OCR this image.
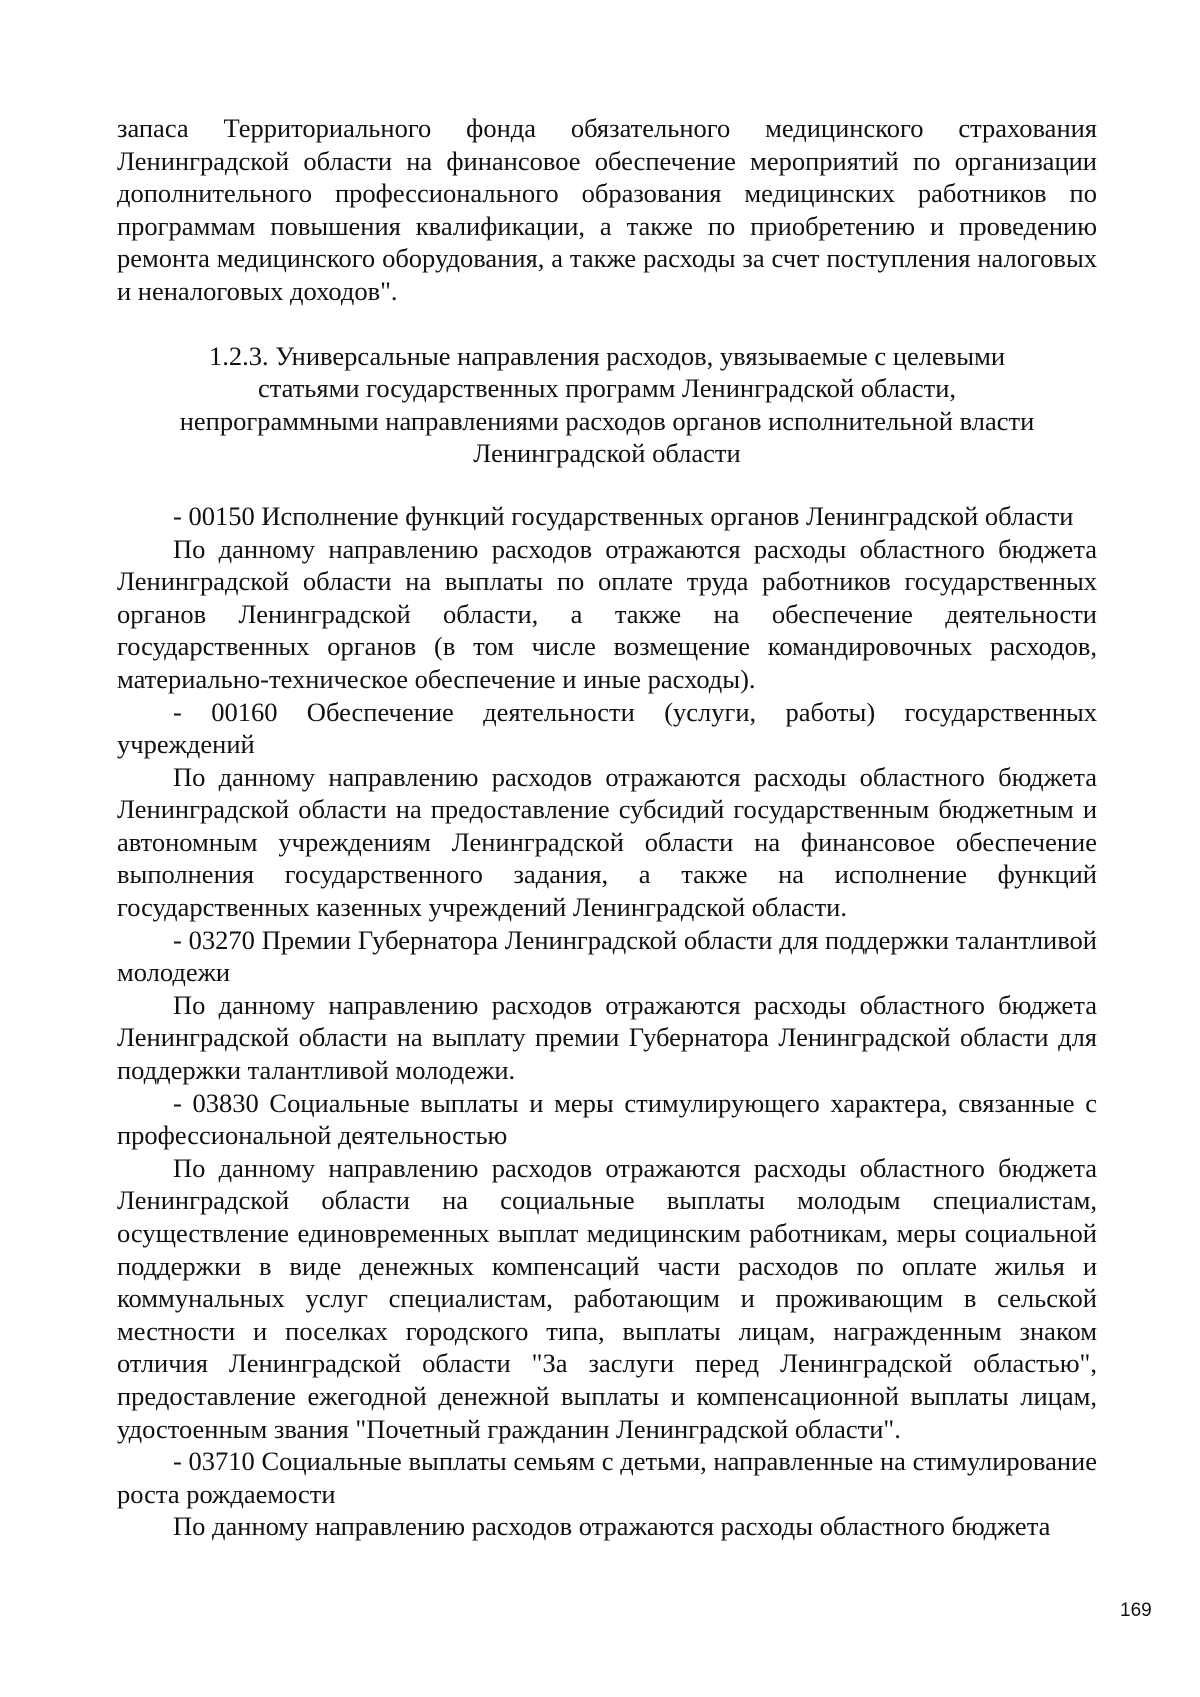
запаса Территориального фонда обязательного медицинского страхования Ленинградской области на финансовое обеспечение мероприятий по организации дополнительного профессионального образования медицинских работников по программам повышения квалификации, а также по приобретению и проведению ремонта медицинского оборудования, а также расходы за счет поступления налоговых и неналоговых доходов".

1.2.3. Универсальные направления расходов, увязываемые с целевыми статьями государственных программ Ленинградской области, непрограммными направлениями расходов органов исполнительной власти Ленинградской области

- 00150 Исполнение функций государственных органов Ленинградской области

По данному направлению расходов отражаются расходы областного бюджета Ленинградской области на выплаты по оплате труда работников государственных органов Ленинградской области, а также на обеспечение деятельности государственных органов (в том числе возмещение командировочных расходов, материально-техническое обеспечение и иные расходы).

- 00160 Обеспечение деятельности (услуги, работы) государственных учреждений

По данному направлению расходов отражаются расходы областного бюджета Ленинградской области на предоставление субсидий государственным бюджетным и автономным учреждениям Ленинградской области на финансовое обеспечение выполнения государственного задания, а также на исполнение функций государственных казенных учреждений Ленинградской области.

- 03270 Премии Губернатора Ленинградской области для поддержки талантливой молодежи

По данному направлению расходов отражаются расходы областного бюджета Ленинградской области на выплату премии Губернатора Ленинградской области для поддержки талантливой молодежи.

- 03830 Социальные выплаты и меры стимулирующего характера, связанные с профессиональной деятельностью

По данному направлению расходов отражаются расходы областного бюджета Ленинградской области на социальные выплаты молодым специалистам, осуществление единовременных выплат медицинским работникам, меры социальной поддержки в виде денежных компенсаций части расходов по оплате жилья и коммунальных услуг специалистам, работающим и проживающим в сельской местности и поселках городского типа, выплаты лицам, награжденным знаком отличия Ленинградской области "За заслуги перед Ленинградской областью", предоставление ежегодной денежной выплаты и компенсационной выплаты лицам, удостоенным звания "Почетный гражданин Ленинградской области".

- 03710 Социальные выплаты семьям с детьми, направленные на стимулирование роста рождаемости

По данному направлению расходов отражаются расходы областного бюджета

169
